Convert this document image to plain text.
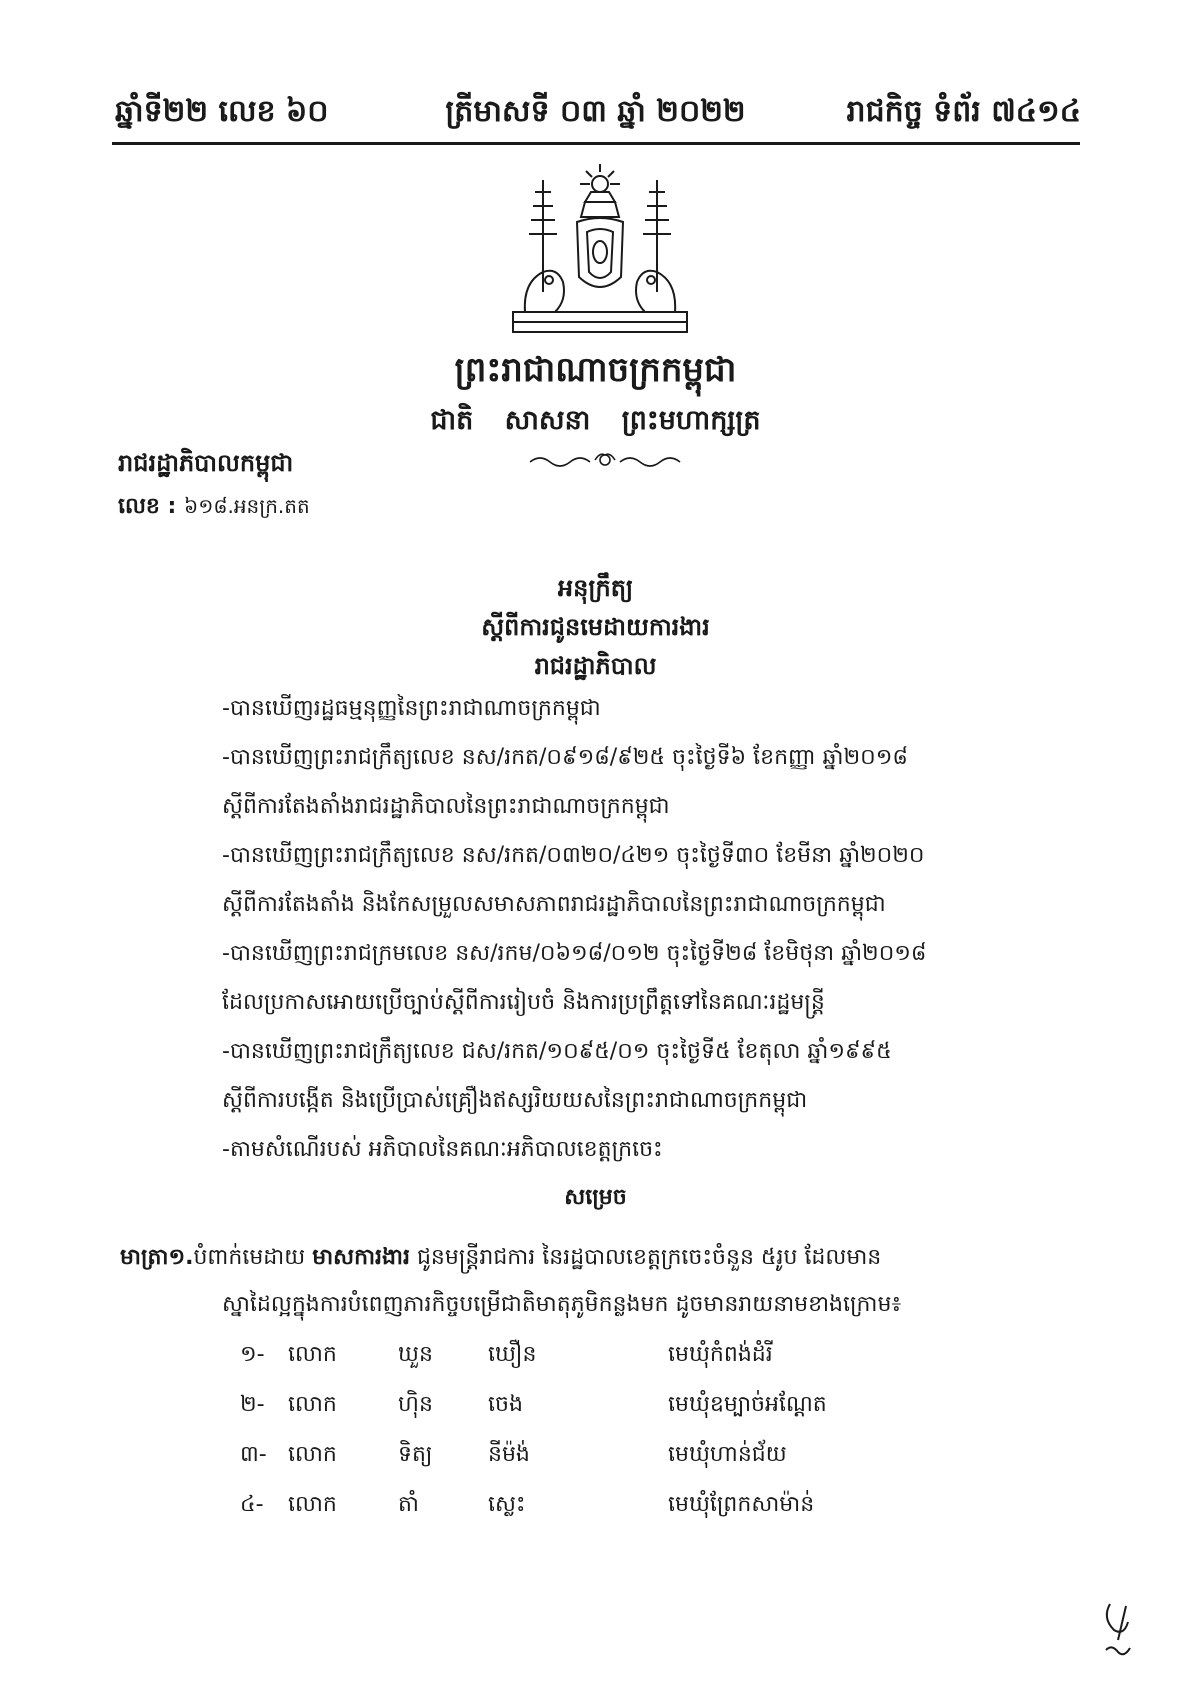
ឆ្នាំទី២២ លេខ ៦០	ត្រីមាសទី ០៣ ឆ្នាំ ២០២២	រាជកិច្ច ទំព័រ ៧៤១៤
ព្រះរាជាណាចក្រកម្ពុជា
ជាតិ សាសនា ព្រះមហាក្សត្រ
រាជរដ្ឋាភិបាលកម្ពុជា
លេខ : ៦១៨.អនក្រ.តត
អនុក្រឹត្យ
ស្តីពីការជូនមេដាយការងារ
រាជរដ្ឋាភិបាល
-បានឃើញរដ្ឋធម្មនុញ្ញនៃព្រះរាជាណាចក្រកម្ពុជា
-បានឃើញព្រះរាជក្រឹត្យលេខ នស/រកត/០៩១៨/៩២៥ ចុះថ្ងៃទី៦ ខែកញ្ញា ឆ្នាំ២០១៨
ស្តីពីការតែងតាំងរាជរដ្ឋាភិបាលនៃព្រះរាជាណាចក្រកម្ពុជា
-បានឃើញព្រះរាជក្រឹត្យលេខ នស/រកត/០៣២០/៤២១ ចុះថ្ងៃទី៣០ ខែមីនា ឆ្នាំ២០២០
ស្តីពីការតែងតាំង និងកែសម្រួលសមាសភាពរាជរដ្ឋាភិបាលនៃព្រះរាជាណាចក្រកម្ពុជា
-បានឃើញព្រះរាជក្រមលេខ នស/រកម/០៦១៨/០១២ ចុះថ្ងៃទី២៨ ខែមិថុនា ឆ្នាំ២០១៨
ដែលប្រកាសអោយប្រើច្បាប់ស្តីពីការរៀបចំ និងការប្រព្រឹត្តទៅនៃគណៈរដ្ឋមន្ត្រី
-បានឃើញព្រះរាជក្រឹត្យលេខ ជស/រកត/១០៩៥/០១ ចុះថ្ងៃទី៥ ខែតុលា ឆ្នាំ១៩៩៥
ស្តីពីការបង្កើត និងប្រើប្រាស់គ្រឿងឥស្សរិយយសនៃព្រះរាជាណាចក្រកម្ពុជា
-តាមសំណើរបស់ អភិបាលនៃគណៈអភិបាលខេត្តក្រចេះ
សម្រេច
មាត្រា១.បំពាក់មេដាយ មាសការងារ ជូនមន្ត្រីរាជការ នៃរដ្ឋបាលខេត្តក្រចេះចំនួន ៥រូប ដែលមាន
ស្នាដៃល្អក្នុងការបំពេញភារកិច្ចបម្រើជាតិមាតុភូមិកន្លងមក ដូចមានរាយនាមខាងក្រោម៖
១- លោក	ឃួន	ឃឿន	មេឃុំកំពង់ដំរី
២- លោក	ហ៊ិន	ចេង	មេឃុំឧម្បាច់អណ្តែត
៣- លោក	ទិត្យ	នីម៉ង់	មេឃុំហាន់ជ័យ
៤- លោក	តាំ	ស្លេះ	មេឃុំព្រែកសាម៉ាន់
